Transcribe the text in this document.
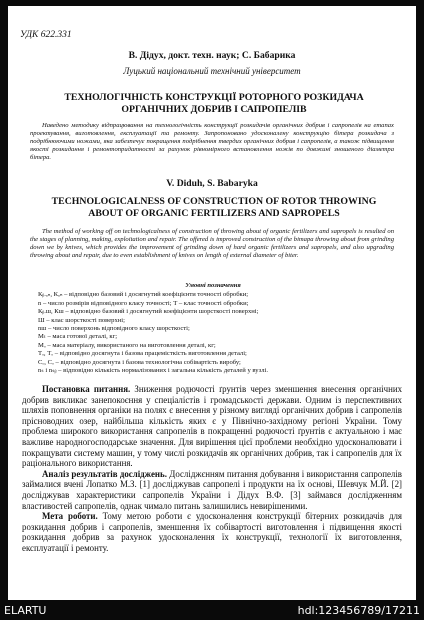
УДК 622.331

В. Дідух, докт. техн. наук; С. Бабарика

Луцький національний технічний університет

ТЕХНОЛОГІЧНІСТЬ КОНСТРУКЦІЇ РОТОРНОГО РОЗКИДАЧА ОРГАНІЧНИХ ДОБРИВ І САПРОПЕЛІВ

Наведено методику відпрацювання на технологічність конструкції розкидачів органічних добрив і сапропелів на етапах проектування, виготовлення, експлуатації та ремонту. Запропоновано удосконалену конструкцію бітера розкидача з подрібнюючими ножами, яка забезпечує покращення подрібнення твердих органічних добрив і сапропелів, а також підвищення якості розкидання і ремонтопридатності за рахунок рівномірного встановлення ножів по довжині зношеного діаметра бітера.

V. Diduh, S. Babaryka

TECHNOLOGICALNESS OF CONSTRUCTION OF ROTOR THROWING ABOUT OF ORGANIC FERTILIZERS AND SAPROPELS

The method of working off on technologicalness of construction of throwing about of organic fertilizers and sapropels is resulted on the stages of planning, making, exploitation and repair. The offered is improved construction of the bimapa throwing about from grinding down we by knives, which provides the improvement of grinding down of hard organic fertilizers and sapropels, and also upgrading throwing about and repair, due to even establishment of knives on length of external diameter of biter.

Умовні позначення
Кᵦ.ₐₙ, Кₐₙ – відповідно базовий і досягнутий коефіцієнти точності обробки;
n – число розмірів відповідного класу точності; Т – клас точності обробки;
Кᵦ.ш, Кш – відповідно базовий і досягнутий коефіцієнти шорсткості поверхні;
Ш – клас шорсткості поверхні;
nш – число поверхонь відповідного класу шорсткості;
Мₜ – маса готової деталі, кг;
Мₒ – маса матеріалу, використаного на виготовлення деталі, кг;
Тₒ, Тₒ – відповідно досягнута і базова працемісткість виготовлення деталі;
Cₒ, Cₒ – відповідно досягнута і базова технологічна собівартість виробу;
nₛ і nₛᵦ – відповідно кількість нормалізованих і загальна кількість деталей у вузлі.

Постановка питання. Зниження родючості ґрунтів через зменшення внесення органічних добрив викликає занепокоєння у спеціалістів і громадськості держави. Одним із перспективних шляхів поповнення органіки на полях є внесення у різному вигляді органічних добрив і сапропелів прісноводних озер, найбільша кількість яких є у Північно-західному регіоні України. Тому проблема широкого використання сапропелів в покращенні родючості ґрунтів є актуальною і має важливе народногосподарське значення. Для вирішення цієї проблеми необхідно удосконалювати і покращувати систему машин, у тому числі розкидачів як органічних добрив, так і сапропелів для їх раціонального використання.

Аналіз результатів досліджень. Досліджєнням питання добування і використання сапропелів займалися вчені Лопатко М.З. [1] досліджував сапропелі і продукти на їх основі, Шевчук М.Й. [2] досліджував характеристики сапропелів України і Дідух В.Ф. [3] займався дослідженням властивостей сапропелів, однак чимало питань залишились невирішеними.

Мета роботи. Тому метою роботи є удосконалення конструкції бітерних розкидачів для розкидання добрив і сапропелів, зменшення їх собівартості виготовлення і підвищення якості розкидання добрив за рахунок удосконалення їх конструкції, технології їх виготовлення, експлуатації і ремонту.

ELARTU	hdl:123456789/17211
